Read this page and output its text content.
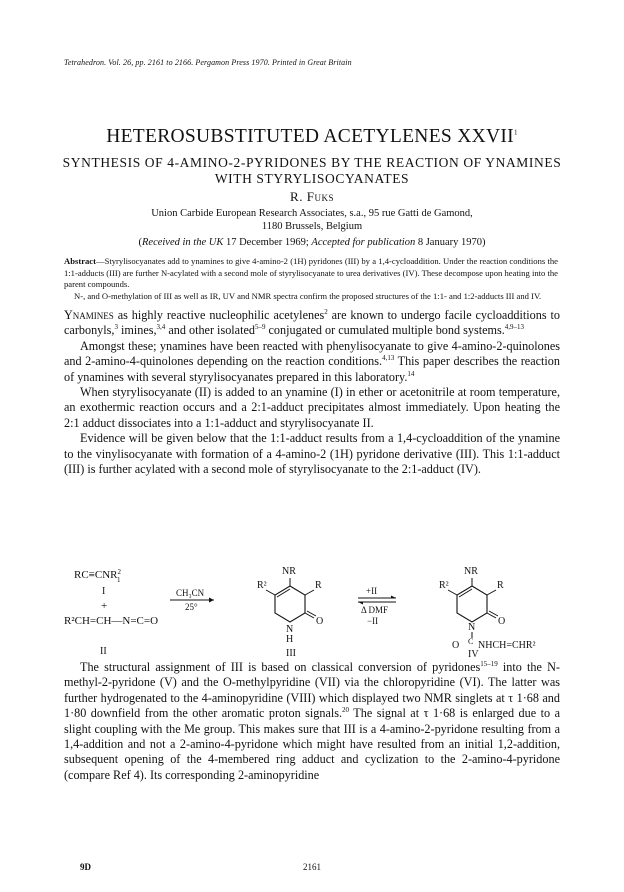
Tetrahedron. Vol. 26, pp. 2161 to 2166. Pergamon Press 1970. Printed in Great Britain
HETEROSUBSTITUTED ACETYLENES XXVII$^1$
SYNTHESIS OF 4-AMINO-2-PYRIDONES BY THE REACTION OF YNAMINES WITH STYRYLISOCYANATES
R. Fuks
Union Carbide European Research Associates, s.a., 95 rue Gatti de Gamond,
1180 Brussels, Belgium
(Received in the UK 17 December 1969; Accepted for publication 8 January 1970)

Abstract—Styrylisocyanates add to ynamines to give 4-amino-2 (1H) pyridones (III) by a 1,4-cycloaddition. Under the reaction conditions the 1:1-adducts (III) are further N-acylated with a second mole of styrylisocyanate to urea derivatives (IV). These decompose upon heating into the parent compounds.

N-, and O-methylation of III as well as IR, UV and NMR spectra confirm the proposed structures of the 1:1- and 1:2-adducts III and IV.

Ynamines as highly reactive nucleophilic acetylenes$^2$ are known to undergo facile cycloadditions to carbonyls,$^3$ imines,$^{3,4}$ and other isolated$^{5-9}$ conjugated or cumulated multiple bond systems.$^{4,9-13}$

Amongst these; ynamines have been reacted with phenylisocyanate to give 4-amino-2-quinolones and 2-amino-4-quinolones depending on the reaction conditions.$^{4,13}$ This paper describes the reaction of ynamines with several styrylisocyanates prepared in this laboratory.$^{14}$

When styrylisocyanate (II) is added to an ynamine (I) in ether or acetonitrile at room temperature, an exothermic reaction occurs and a 2:1-adduct precipitates almost immediately. Upon heating the 2:1 adduct dissociates into a 1:1-adduct and styrylisocyanate II.

Evidence will be given below that the 1:1-adduct results from a 1,4-cycloaddition of the ynamine to the vinylisocyanate with formation of a 4-amino-2 (1H) pyridone derivative (III). This 1:1-adduct (III) is further acylated with a second mole of styrylisocyanate to the 2:1-adduct (IV).

$RC\equiv CNR^2$ $_1$
I
+
R²CH=CH—N=C=O
II
CH₃CN
25°
NR
R²	R
O
N
H
III
+II
Δ DMF
−II
NR
R²	R
O
N
C
O NHCH=CHR²
IV

The structural assignment of III is based on classical conversion of pyridones$^{15-19}$ into the N-methyl-2-pyridone (V) and the O-methylpyridine (VII) via the chloropyridine (VI). The latter was further hydrogenated to the 4-aminopyridine (VIII) which displayed two NMR singlets at τ 1·68 and 1·80 downfield from the other aromatic proton signals.$^{20}$ The signal at τ 1·68 is enlarged due to a slight coupling with the Me group. This makes sure that III is a 4-amino-2-pyridone resulting from a 1,4-addition and not a 2-amino-4-pyridone which might have resulted from an initial 1,2-addition, subsequent opening of the 4-membered ring adduct and cyclization to the 2-amino-4-pyridone (compare Ref 4). Its corresponding 2-aminopyridine

9D	2161
